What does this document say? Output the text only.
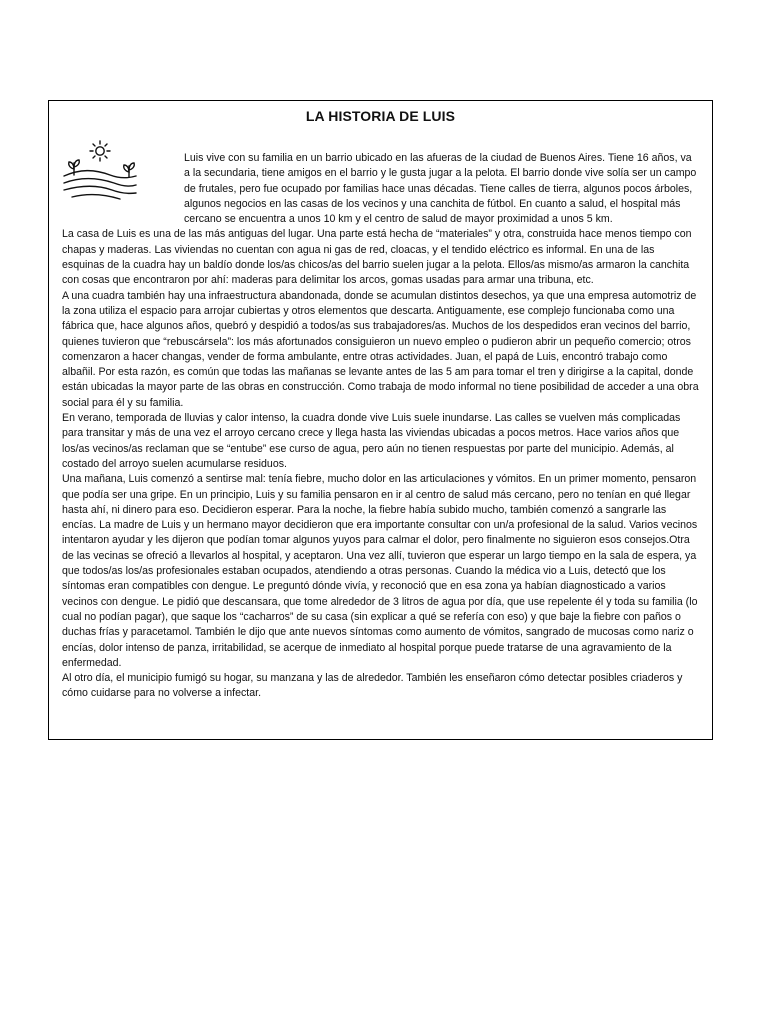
LA HISTORIA DE LUIS

Luis vive con su familia en un barrio ubicado en las afueras de la ciudad de Buenos Aires. Tiene 16 años, va a la secundaria, tiene amigos en el barrio y le gusta jugar a la pelota. El barrio donde vive solía ser un campo de frutales, pero fue ocupado por familias hace unas décadas. Tiene calles de tierra, algunos pocos árboles, algunos negocios en las casas de los vecinos y una canchita de fútbol. En cuanto a salud, el hospital más cercano se encuentra a unos 10 km y el centro de salud de mayor proximidad a unos 5 km.

La casa de Luis es una de las más antiguas del lugar. Una parte está hecha de “materiales” y otra, construida hace menos tiempo con chapas y maderas. Las viviendas no cuentan con agua ni gas de red, cloacas, y el tendido eléctrico es informal. En una de las esquinas de la cuadra hay un baldío donde los/as chicos/as del barrio suelen jugar a la pelota. Ellos/as mismo/as armaron la canchita con cosas que encontraron por ahí: maderas para delimitar los arcos, gomas usadas para armar una tribuna, etc.

A una cuadra también hay una infraestructura abandonada, donde se acumulan distintos desechos, ya que una empresa automotriz de la zona utiliza el espacio para arrojar cubiertas y otros elementos que descarta. Antiguamente, ese complejo funcionaba como una fábrica que, hace algunos años, quebró y despidió a todos/as sus trabajadores/as. Muchos de los despedidos eran vecinos del barrio, quienes tuvieron que “rebuscársela”: los más afortunados consiguieron un nuevo empleo o pudieron abrir un pequeño comercio; otros comenzaron a hacer changas, vender de forma ambulante, entre otras actividades. Juan, el papá de Luis, encontró trabajo como albañil. Por esta razón, es común que todas las mañanas se levante antes de las 5 am para tomar el tren y dirigirse a la capital, donde están ubicadas la mayor parte de las obras en construcción. Como trabaja de modo informal no tiene posibilidad de acceder a una obra social para él y su familia.

En verano, temporada de lluvias y calor intenso, la cuadra donde vive Luis suele inundarse. Las calles se vuelven más complicadas para transitar y más de una vez el arroyo cercano crece y llega hasta las viviendas ubicadas a pocos metros. Hace varios años que los/as vecinos/as reclaman que se “entube” ese curso de agua, pero aún no tienen respuestas por parte del municipio. Además, al costado del arroyo suelen acumularse residuos.

Una mañana, Luis comenzó a sentirse mal: tenía fiebre, mucho dolor en las articulaciones y vómitos. En un primer momento, pensaron que podía ser una gripe. En un principio, Luis y su familia pensaron en ir al centro de salud más cercano, pero no tenían en qué llegar hasta ahí, ni dinero para eso. Decidieron esperar. Para la noche, la fiebre había subido mucho, también comenzó a sangrarle las encías. La madre de Luis y un hermano mayor decidieron que era importante consultar con un/a profesional de la salud. Varios vecinos intentaron ayudar y les dijeron que podían tomar algunos yuyos para calmar el dolor, pero finalmente no siguieron esos consejos.Otra de las vecinas se ofreció a llevarlos al hospital, y aceptaron. Una vez allí, tuvieron que esperar un largo tiempo en la sala de espera, ya que todos/as los/as profesionales estaban ocupados, atendiendo a otras personas. Cuando la médica vio a Luis, detectó que los síntomas eran compatibles con dengue. Le preguntó dónde vivía, y reconoció que en esa zona ya habían diagnosticado a varios vecinos con dengue. Le pidió que descansara, que tome alrededor de 3 litros de agua por día, que use repelente él y toda su familia (lo cual no podían pagar), que saque los “cacharros” de su casa (sin explicar a qué se refería con eso) y que baje la fiebre con paños o duchas frías y paracetamol. También le dijo que ante nuevos síntomas como aumento de vómitos, sangrado de mucosas como nariz o encías, dolor intenso de panza, irritabilidad, se acerque de inmediato al hospital porque puede tratarse de una agravamiento de la enfermedad.

Al otro día, el municipio fumigó su hogar, su manzana y las de alrededor. También les enseñaron cómo detectar posibles criaderos y cómo cuidarse para no volverse a infectar.
